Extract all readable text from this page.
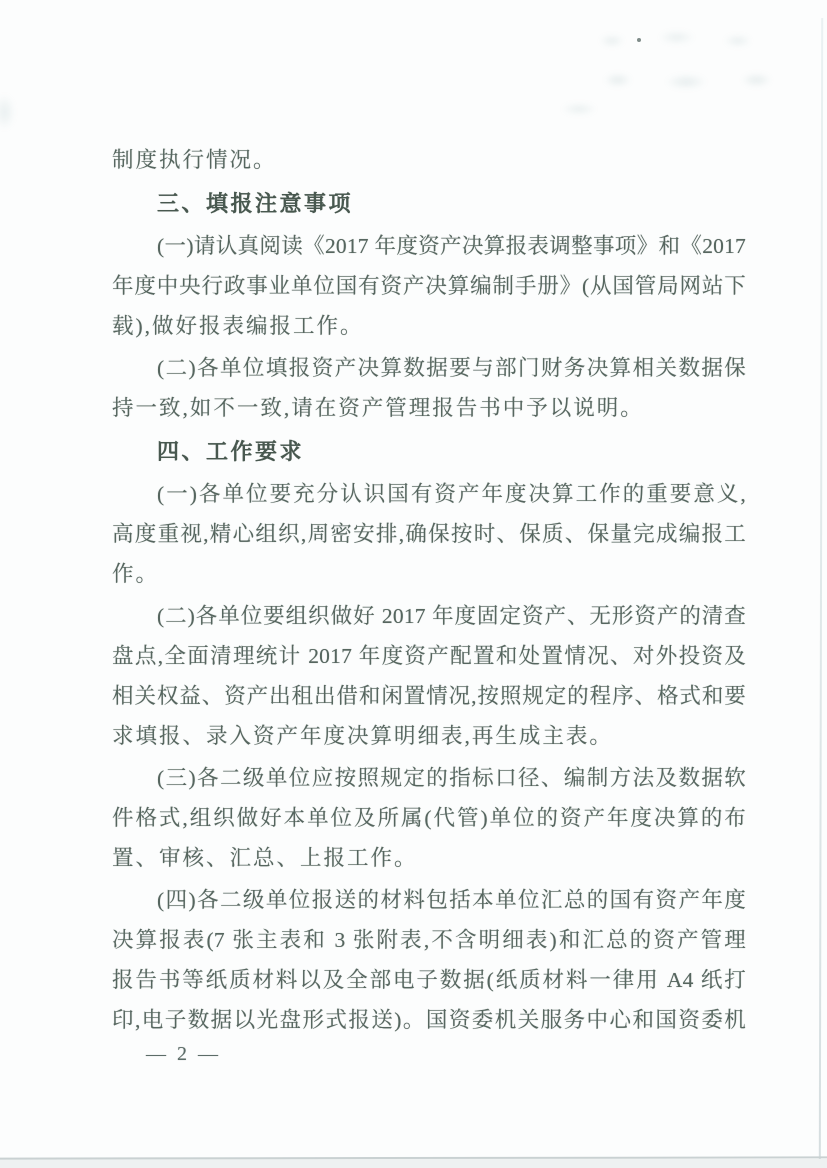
制度执行情况。
三、填报注意事项
(一)请认真阅读《2017 年度资产决算报表调整事项》和《2017
年度中央行政事业单位国有资产决算编制手册》(从国管局网站下
载),做好报表编报工作。
(二)各单位填报资产决算数据要与部门财务决算相关数据保
持一致,如不一致,请在资产管理报告书中予以说明。
四、工作要求
(一)各单位要充分认识国有资产年度决算工作的重要意义,
高度重视,精心组织,周密安排,确保按时、保质、保量完成编报工
作。
(二)各单位要组织做好 2017 年度固定资产、无形资产的清查
盘点,全面清理统计 2017 年度资产配置和处置情况、对外投资及
相关权益、资产出租出借和闲置情况,按照规定的程序、格式和要
求填报、录入资产年度决算明细表,再生成主表。
(三)各二级单位应按照规定的指标口径、编制方法及数据软
件格式,组织做好本单位及所属(代管)单位的资产年度决算的布
置、审核、汇总、上报工作。
(四)各二级单位报送的材料包括本单位汇总的国有资产年度
决算报表(7 张主表和 3 张附表,不含明细表)和汇总的资产管理
报告书等纸质材料以及全部电子数据(纸质材料一律用 A4 纸打
印,电子数据以光盘形式报送)。国资委机关服务中心和国资委机
— 2 —
